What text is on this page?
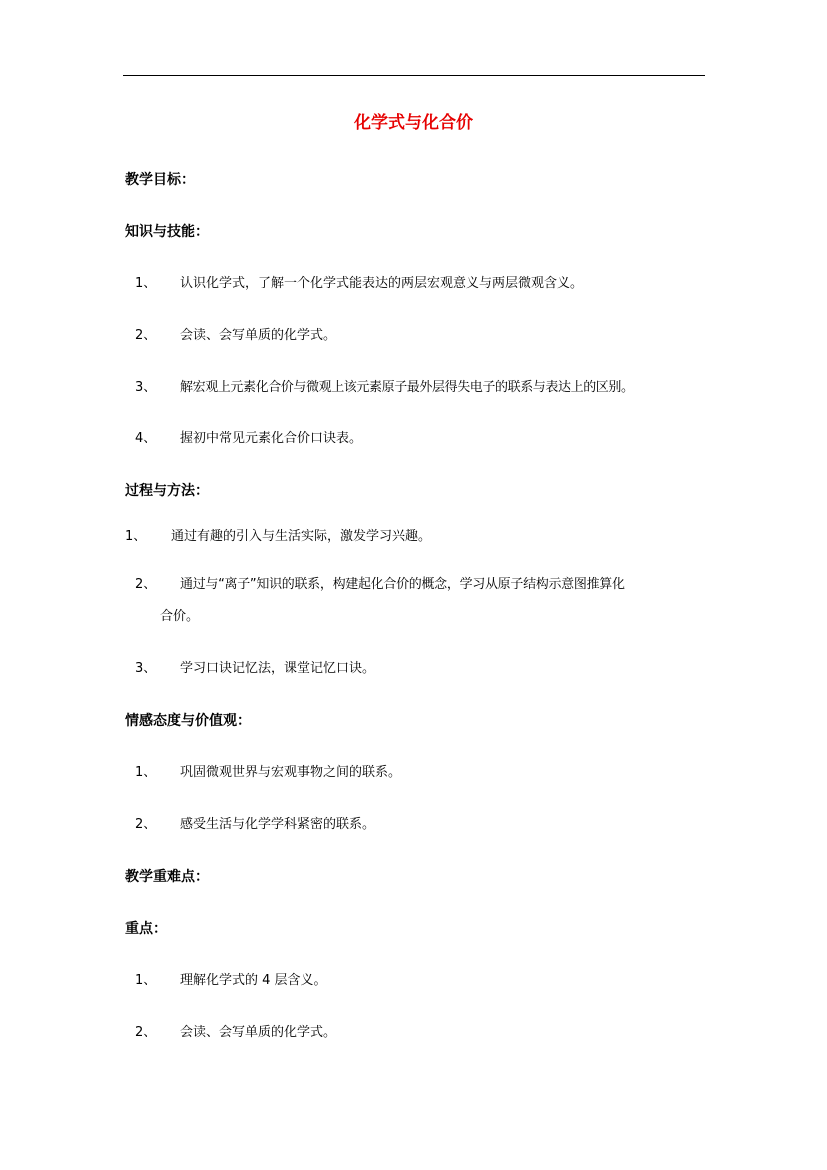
化学式与化合价
教学目标：
知识与技能：
1、 认识化学式，了解一个化学式能表达的两层宏观意义与两层微观含义。
2、 会读、会写单质的化学式。
3、 解宏观上元素化合价与微观上该元素原子最外层得失电子的联系与表达上的区别。
4、 握初中常见元素化合价口诀表。
过程与方法：
1、 通过有趣的引入与生活实际，激发学习兴趣。
2、 通过与“离子”知识的联系，构建起化合价的概念，学习从原子结构示意图推算化
合价。
3、 学习口诀记忆法，课堂记忆口诀。
情感态度与价值观：
1、 巩固微观世界与宏观事物之间的联系。
2、 感受生活与化学学科紧密的联系。
教学重难点：
重点：
1、 理解化学式的 4 层含义。
2、 会读、会写单质的化学式。
